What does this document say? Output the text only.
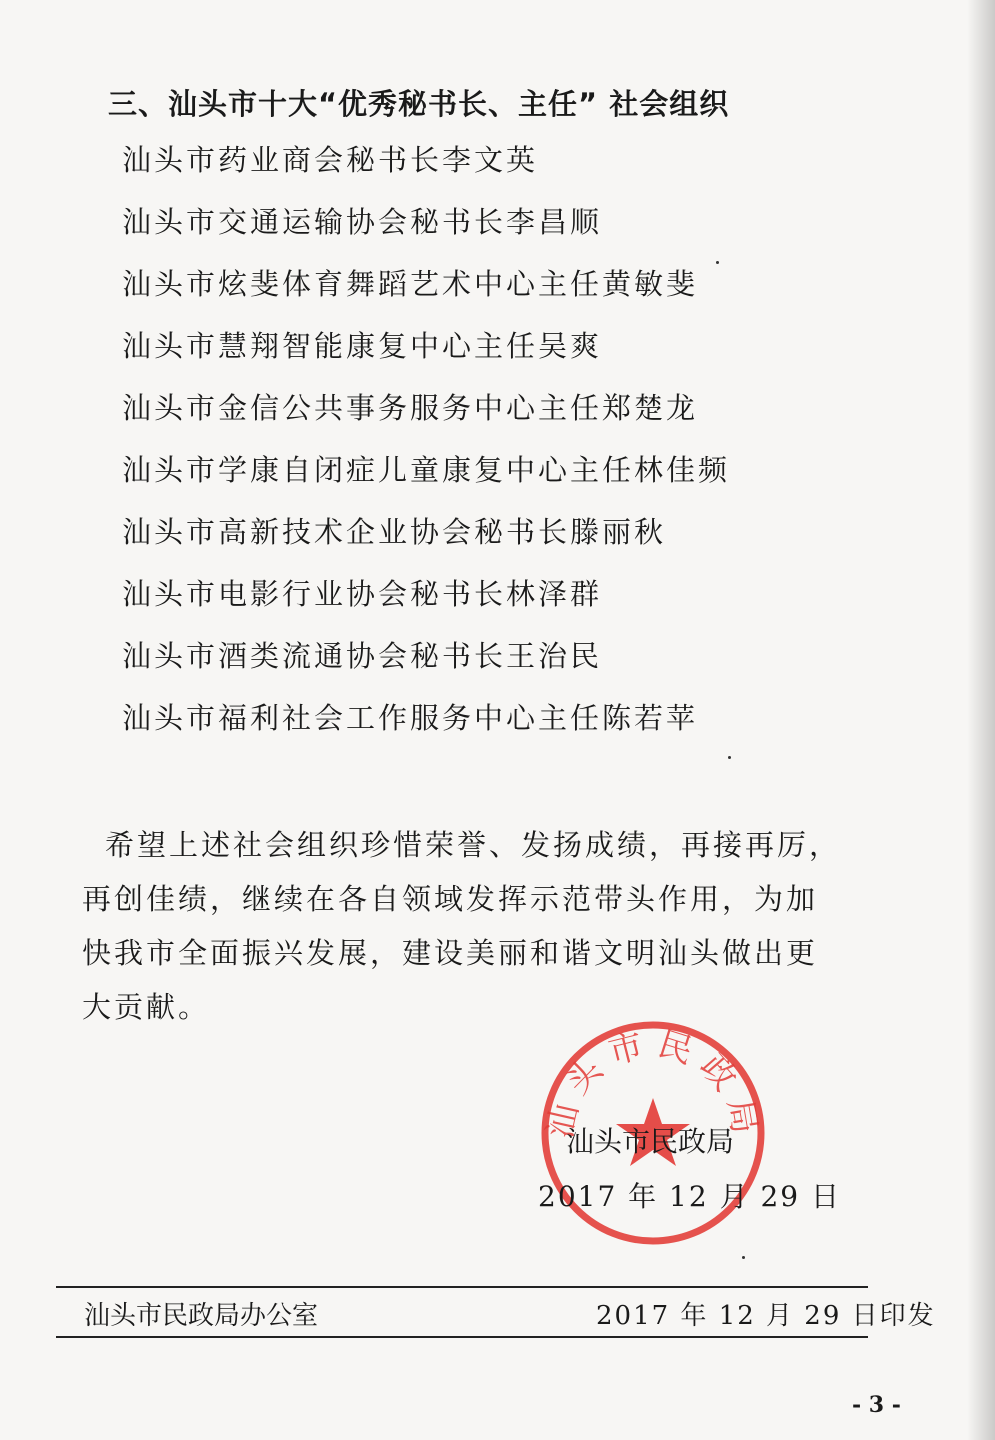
三、汕头市十大“优秀秘书长、主任” 社会组织
汕头市药业商会秘书长李文英
汕头市交通运输协会秘书长李昌顺
汕头市炫斐体育舞蹈艺术中心主任黄敏斐
汕头市慧翔智能康复中心主任吴爽
汕头市金信公共事务服务中心主任郑楚龙
汕头市学康自闭症儿童康复中心主任林佳频
汕头市高新技术企业协会秘书长滕丽秋
汕头市电影行业协会秘书长林泽群
汕头市酒类流通协会秘书长王治民
汕头市福利社会工作服务中心主任陈若苹
希望上述社会组织珍惜荣誉、发扬成绩，再接再厉，再创佳绩，继续在各自领域发挥示范带头作用，为加快我市全面振兴发展，建设美丽和谐文明汕头做出更大贡献。
汕头市民政局
汕头市民政局
2017 年 12 月 29 日
汕头市民政局办公室	2017 年 12 月 29 日印发
- 3 -
